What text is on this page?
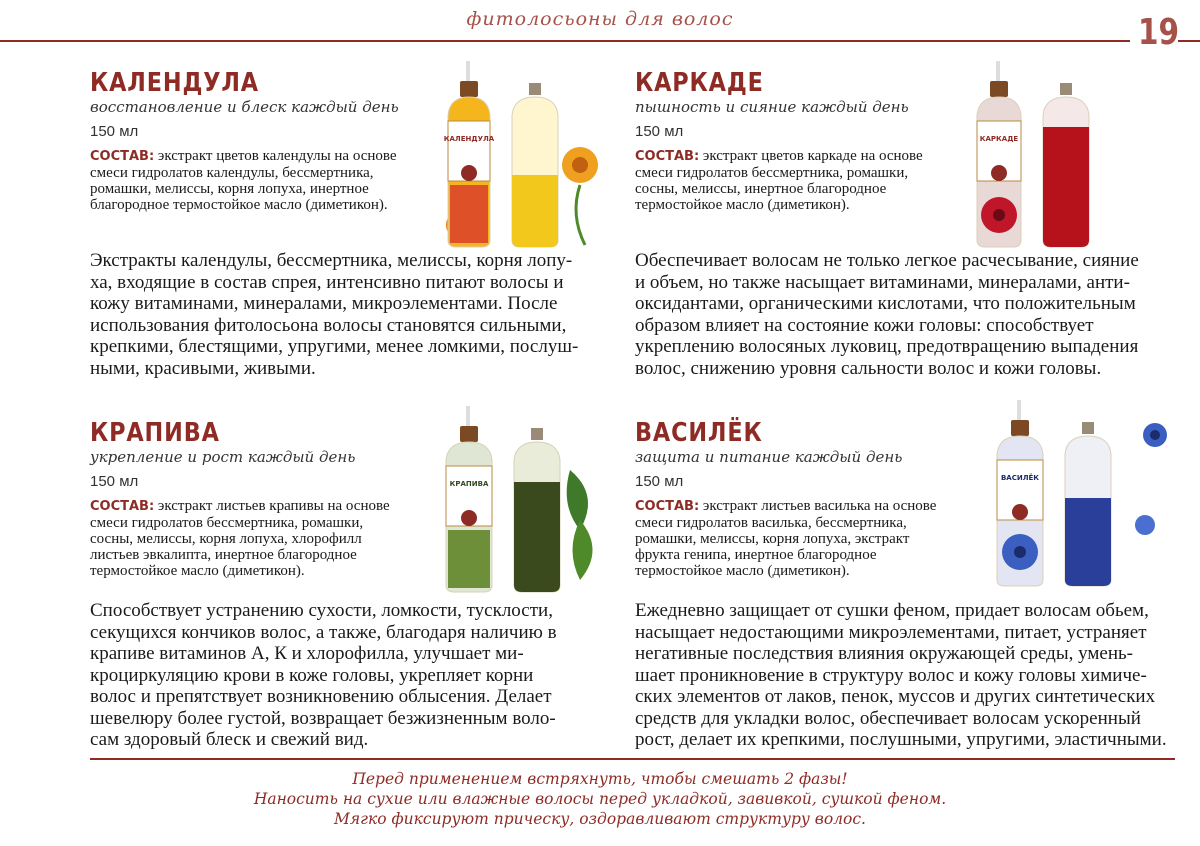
фитолосьоны для волос	19
КАЛЕНДУЛА
восстановление и блеск каждый день
150 мл
СОСТАВ: экстракт цветов календулы на основе смеси гидролатов календулы, бессмертника, ромашки, мелиссы, корня лопуха, инертное благородное термостойкое масло (диметикон).
Экстракты календулы, бессмертника, мелиссы, корня лопу-
ха, входящие в состав спрея, интенсивно питают волосы и
кожу витаминами, минералами, микроэлементами. После
использования фитолосьона волосы становятся сильными,
крепкими, блестящими, упругими, менее ломкими, послуш-
ными, красивыми, живыми.
КАЛЕНДУЛА
КАРКАДЕ
пышность и сияние каждый день
150 мл
СОСТАВ: экстракт цветов каркаде на основе смеси гидролатов бессмертника, ромашки, сосны, мелиссы, инертное благородное термостойкое масло (диметикон).
Обеспечивает волосам не только легкое расчесывание, сияние
и объем, но также насыщает витаминами, минералами, анти-
оксидантами, органическими кислотами, что положительным
образом влияет на состояние кожи головы: способствует
укреплению волосяных луковиц, предотвращению выпадения
волос, снижению уровня сальности волос и кожи головы.
КАРКАДЕ
КРАПИВА
укрепление и рост каждый день
150 мл
СОСТАВ: экстракт листьев крапивы на основе смеси гидролатов бессмертника, ромашки, сосны, мелиссы, корня лопуха, хлорофилл листьев эвкалипта, инертное благородное термостойкое масло (диметикон).
Способствует устранению сухости, ломкости, тусклости,
секущихся кончиков волос, а также, благодаря наличию в
крапиве витаминов А, К и хлорофилла, улучшает ми-
кроциркуляцию крови в коже головы, укрепляет корни
волос и препятствует возникновению облысения. Делает
шевелюру более густой, возвращает безжизненным воло-
сам здоровый блеск и свежий вид.
КРАПИВА
ВАСИЛЁК
защита и питание каждый день
150 мл
СОСТАВ: экстракт листьев василька на основе смеси гидролатов василька, бессмертника, ромашки, мелиссы, корня лопуха, экстракт фрукта генипа, инертное благородное термостойкое масло (диметикон).
Ежедневно защищает от сушки феном, придает волосам обьем,
насыщает недостающими микроэлементами, питает, устраняет
негативные последствия влияния окружающей среды, умень-
шает проникновение в структуру волос и кожу головы химиче-
ских элементов от лаков, пенок, муссов и других синтетических
средств для укладки волос, обеспечивает волосам ускоренный
рост, делает их крепкими, послушными, упругими, эластичными.
ВАСИЛЁК
Перед применением встряхнуть, чтобы смешать 2 фазы!
Наносить на сухие или влажные волосы перед укладкой, завивкой, сушкой феном.
Мягко фиксируют прическу, оздоравливают структуру волос.
